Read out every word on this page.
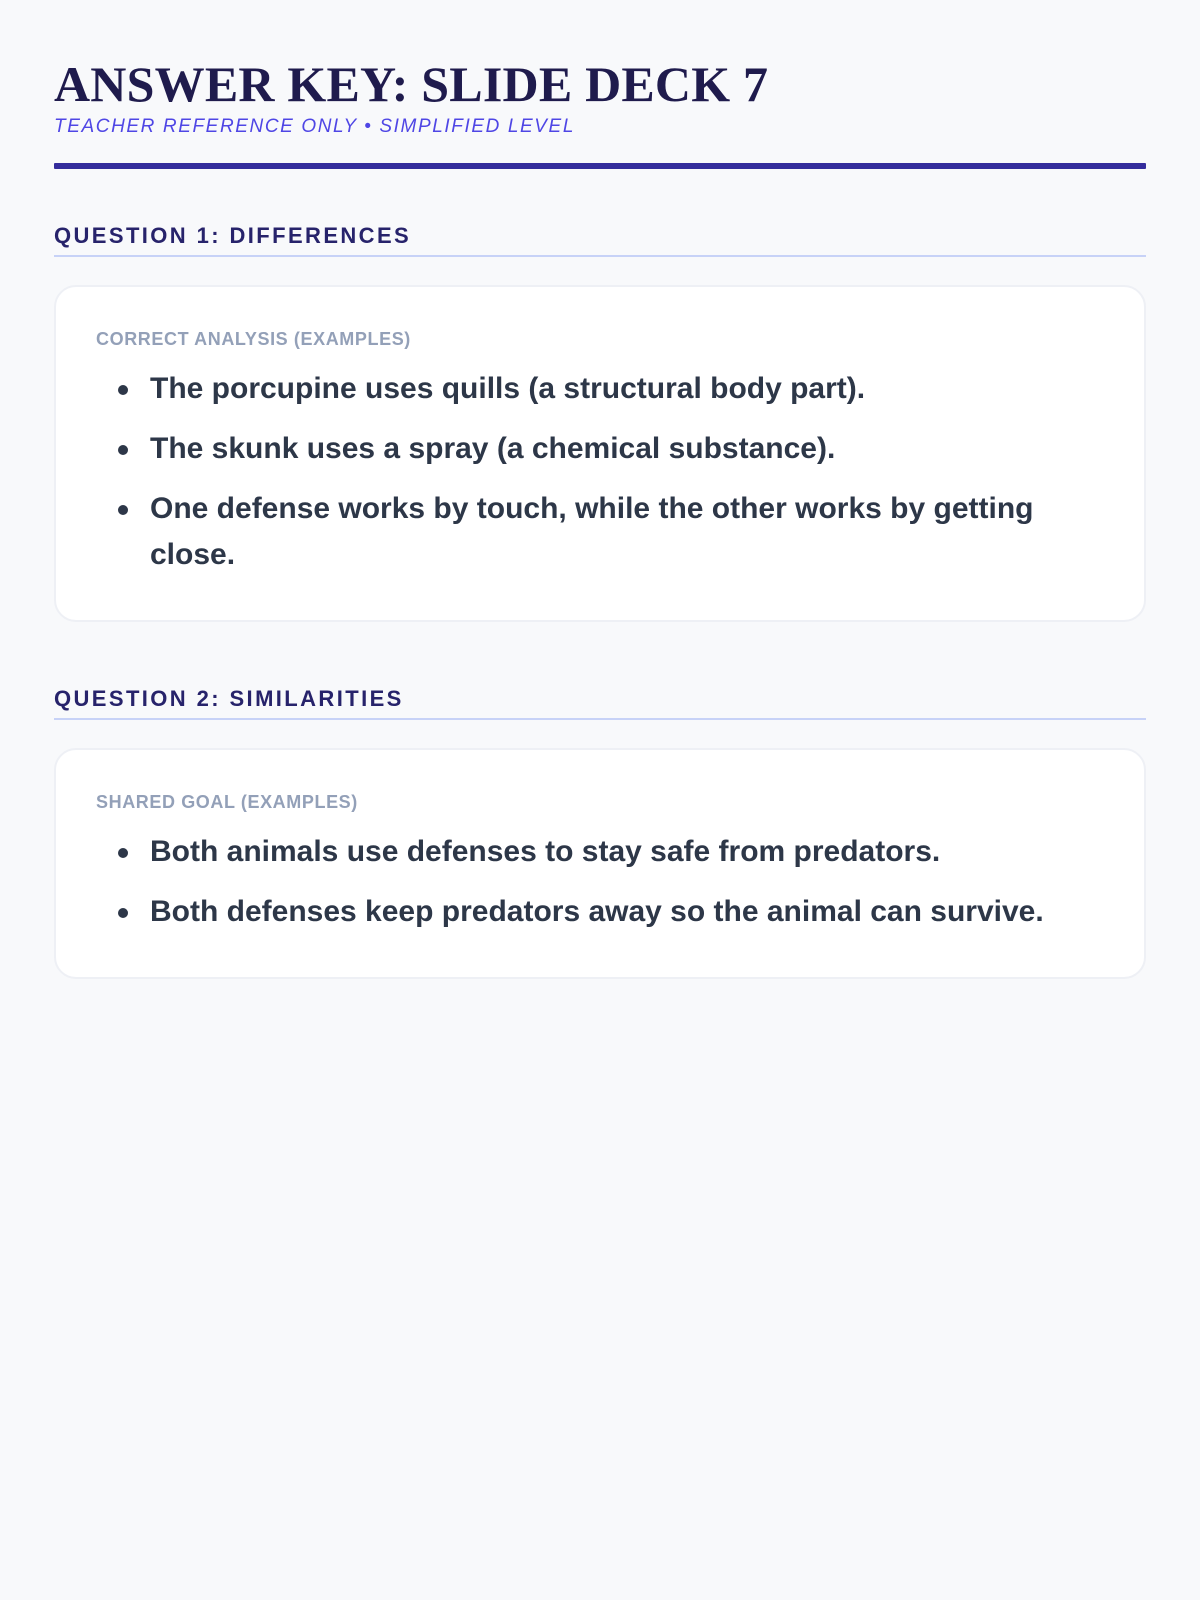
ANSWER KEY: SLIDE DECK 7
TEACHER REFERENCE ONLY • SIMPLIFIED LEVEL
QUESTION 1: DIFFERENCES
CORRECT ANALYSIS (EXAMPLES)
The porcupine uses quills (a structural body part).
The skunk uses a spray (a chemical substance).
One defense works by touch, while the other works by getting close.
QUESTION 2: SIMILARITIES
SHARED GOAL (EXAMPLES)
Both animals use defenses to stay safe from predators.
Both defenses keep predators away so the animal can survive.
